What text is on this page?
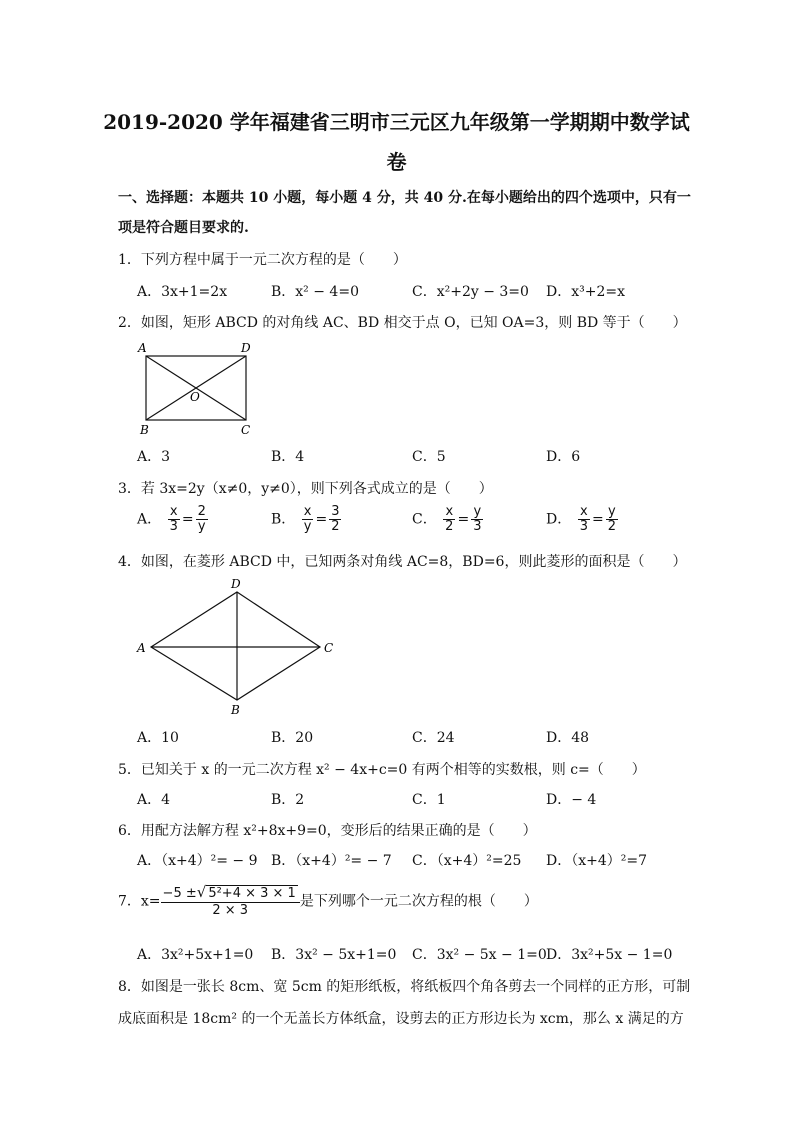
2019-2020 学年福建省三明市三元区九年级第一学期期中数学试
卷
一、选择题：本题共 10 小题，每小题 4 分，共 40 分.在每小题给出的四个选项中，只有一
项是符合题目要求的.
1．下列方程中属于一元二次方程的是（　　）
A．3x+1=2x	B．x² − 4=0	C．x²+2y − 3=0 D．x³+2=x
2．如图，矩形 ABCD 的对角线 AC、BD 相交于点 O，已知 OA=3，则 BD 等于（　　）
A	D
B	C
O
A．3	B．4	C．5	D．6
3．若 3x=2y（x≠0，y≠0），则下列各式成立的是（　　）
A． $\frac{x}{3} = \frac{2}{y}$	B． $\frac{x}{y} = \frac{3}{2}$	C． $\frac{x}{2} = \frac{y}{3}$	D． $\frac{x}{3} = \frac{y}{2}$
4．如图，在菱形 ABCD 中，已知两条对角线 AC=8，BD=6，则此菱形的面积是（　　）
D
A	C
B
A．10	B．20	C．24	D．48
5．已知关于 x 的一元二次方程 x² − 4x+c=0 有两个相等的实数根，则 c=（　　）
A．4	B．2	C．1	D．− 4
6．用配方法解方程 x²+8x+9=0，变形后的结果正确的是（　　）
A．（x+4）²= − 9 B．（x+4）²= − 7 C．（x+4）²=25 D．（x+4）²=7
7．$x= \frac{\text{−5 ±√ 5²+4 × 3 × 1}}{2 \times 3}$ 是下列哪个一元二次方程的根（　　）
A．3x²+5x+1=0 B．3x² − 5x+1=0 C．3x² − 5x − 1=0 D．3x²+5x − 1=0
8．如图是一张长 8cm、宽 5cm 的矩形纸板，将纸板四个角各剪去一个同样的正方形，可制
成底面积是 18cm² 的一个无盖长方体纸盒，设剪去的正方形边长为 xcm，那么 x 满足的方
